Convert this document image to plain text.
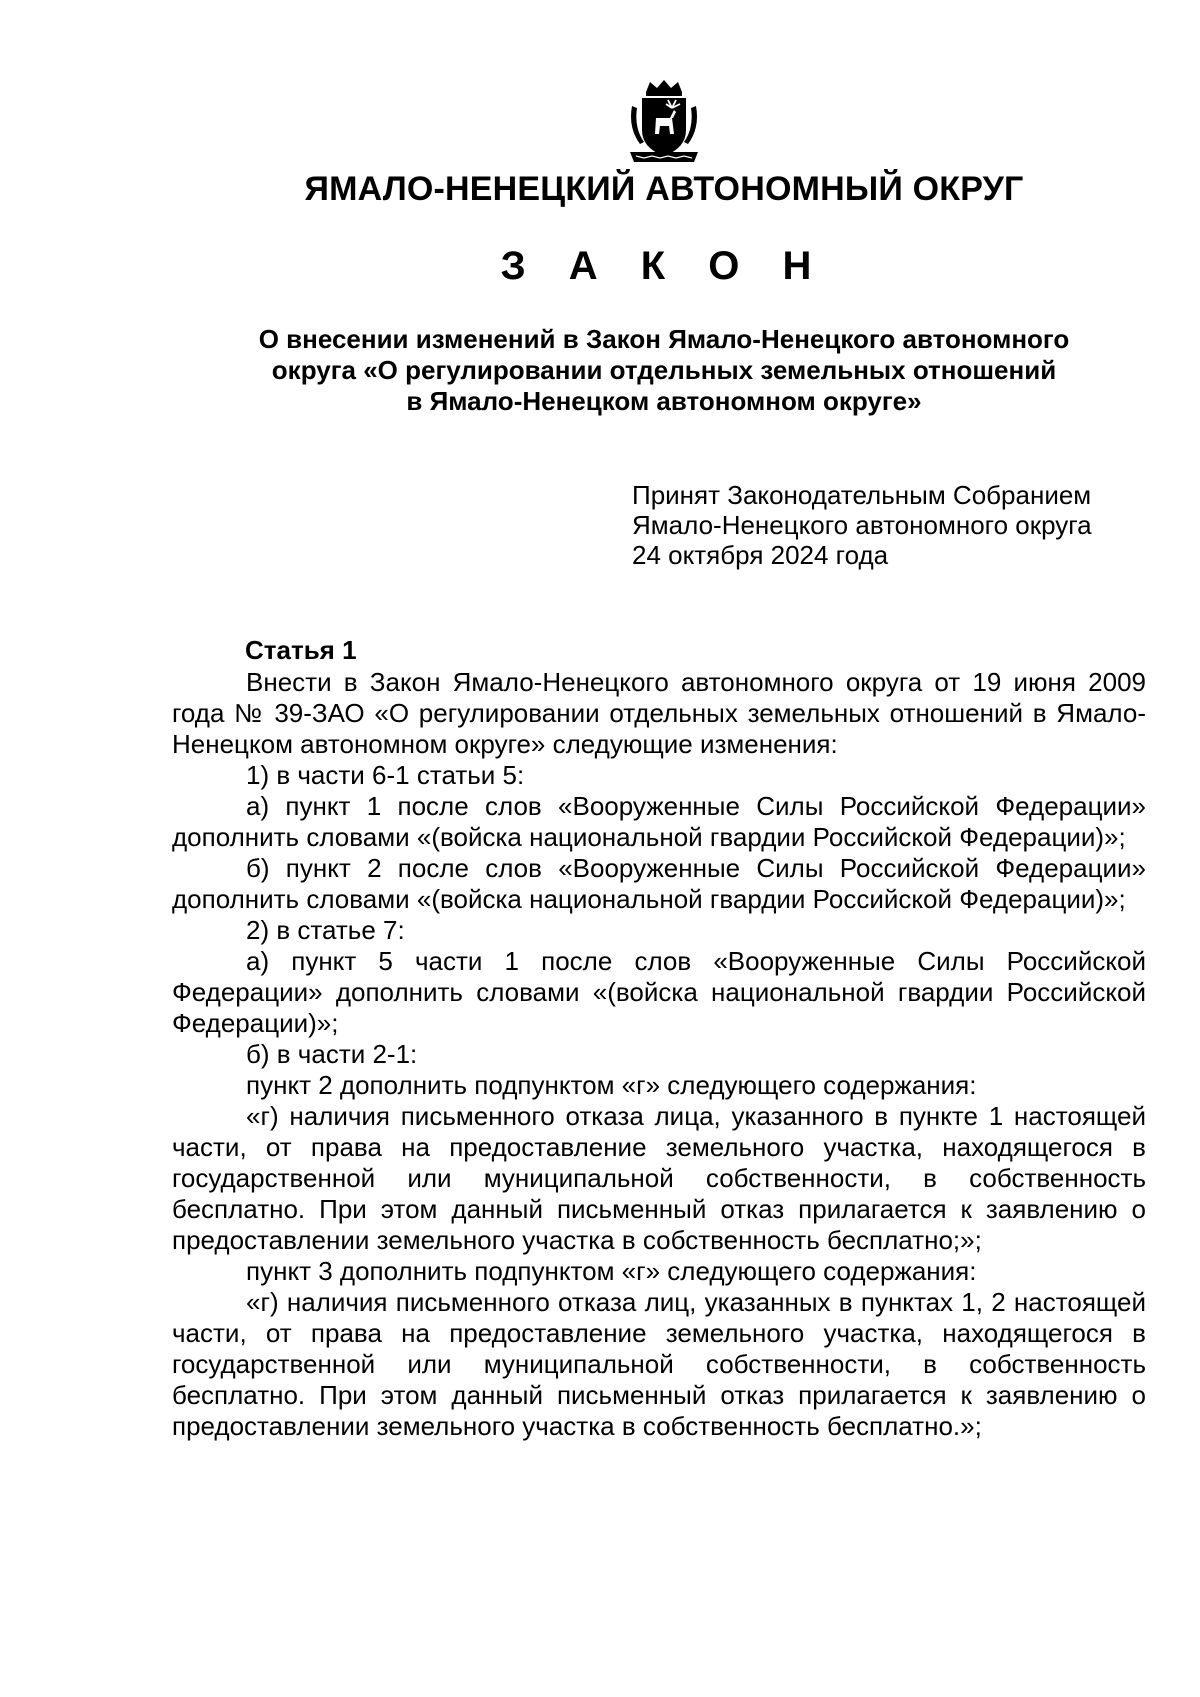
ЯМАЛО-НЕНЕЦКИЙ АВТОНОМНЫЙ ОКРУГ
З А К О Н
О внесении изменений в Закон Ямало-Ненецкого автономного
округа «О регулировании отдельных земельных отношений
в Ямало-Ненецком автономном округе»
Принят Законодательным Собранием
Ямало-Ненецкого автономного округа
24 октября 2024 года
Статья 1

Внести в Закон Ямало-Ненецкого автономного округа от 19 июня 2009 года № 39-ЗАО «О регулировании отдельных земельных отношений в Ямало-Ненецком автономном округе» следующие изменения:

1) в части 6-1 статьи 5:

а) пункт 1 после слов «Вооруженные Силы Российской Федерации» дополнить словами «(войска национальной гвардии Российской Федерации)»;

б) пункт 2 после слов «Вооруженные Силы Российской Федерации» дополнить словами «(войска национальной гвардии Российской Федерации)»;

2) в статье 7:

а) пункт 5 части 1 после слов «Вооруженные Силы Российской Федерации» дополнить словами «(войска национальной гвардии Российской Федерации)»;

б) в части 2-1:

пункт 2 дополнить подпунктом «г» следующего содержания:

«г) наличия письменного отказа лица, указанного в пункте 1 настоящей части, от права на предоставление земельного участка, находящегося в государственной или муниципальной собственности, в собственность бесплатно. При этом данный письменный отказ прилагается к заявлению о предоставлении земельного участка в собственность бесплатно;»;

пункт 3 дополнить подпунктом «г» следующего содержания:

«г) наличия письменного отказа лиц, указанных в пунктах 1, 2 настоящей части, от права на предоставление земельного участка, находящегося в государственной или муниципальной собственности, в собственность бесплатно. При этом данный письменный отказ прилагается к заявлению о предоставлении земельного участка в собственность бесплатно.»;
